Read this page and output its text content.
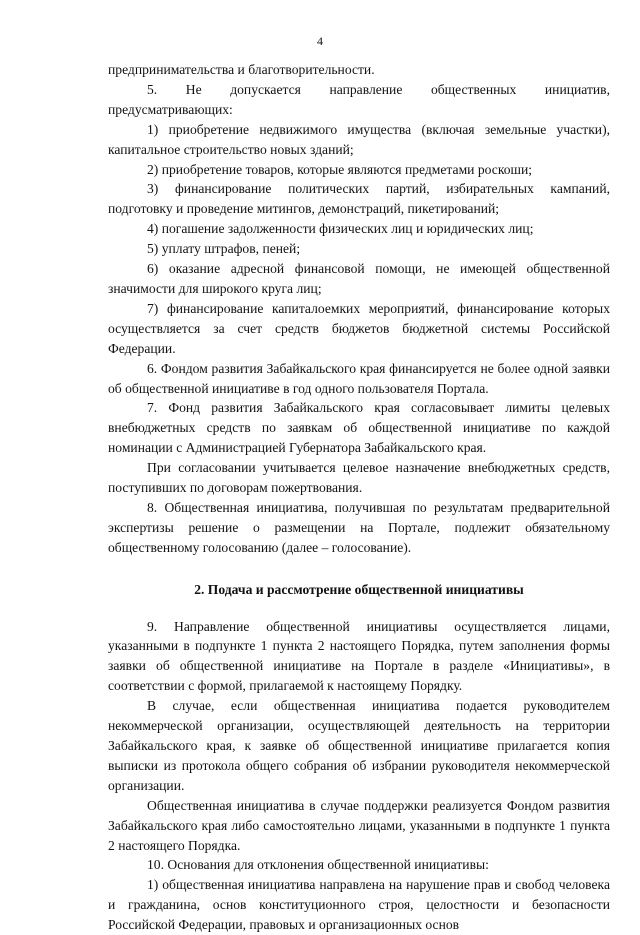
4

предпринимательства и благотворительности.

5. Не допускается направление общественных инициатив, предусматривающих:

1) приобретение недвижимого имущества (включая земельные участки), капитальное строительство новых зданий;

2) приобретение товаров, которые являются предметами роскоши;

3) финансирование политических партий, избирательных кампаний, подготовку и проведение митингов, демонстраций, пикетирований;

4) погашение задолженности физических лиц и юридических лиц;

5) уплату штрафов, пеней;

6) оказание адресной финансовой помощи, не имеющей общественной значимости для широкого круга лиц;

7) финансирование капиталоемких мероприятий, финансирование которых осуществляется за счет средств бюджетов бюджетной системы Российской Федерации.

6. Фондом развития Забайкальского края финансируется не более одной заявки об общественной инициативе в год одного пользователя Портала.

7. Фонд развития Забайкальского края согласовывает лимиты целевых внебюджетных средств по заявкам об общественной инициативе по каждой номинации с Администрацией Губернатора Забайкальского края.

При согласовании учитывается целевое назначение внебюджетных средств, поступивших по договорам пожертвования.

8. Общественная инициатива, получившая по результатам предварительной экспертизы решение о размещении на Портале, подлежит обязательному общественному голосованию (далее – голосование).

2. Подача и рассмотрение общественной инициативы

9. Направление общественной инициативы осуществляется лицами, указанными в подпункте 1 пункта 2 настоящего Порядка, путем заполнения формы заявки об общественной инициативе на Портале в разделе «Инициативы», в соответствии с формой, прилагаемой к настоящему Порядку.

В случае, если общественная инициатива подается руководителем некоммерческой организации, осуществляющей деятельность на территории Забайкальского края, к заявке об общественной инициативе прилагается копия выписки из протокола общего собрания об избрании руководителя некоммерческой организации.

Общественная инициатива в случае поддержки реализуется Фондом развития Забайкальского края либо самостоятельно лицами, указанными в подпункте 1 пункта 2 настоящего Порядка.

10. Основания для отклонения общественной инициативы:

1) общественная инициатива направлена на нарушение прав и свобод человека и гражданина, основ конституционного строя, целостности и безопасности Российской Федерации, правовых и организационных основ
